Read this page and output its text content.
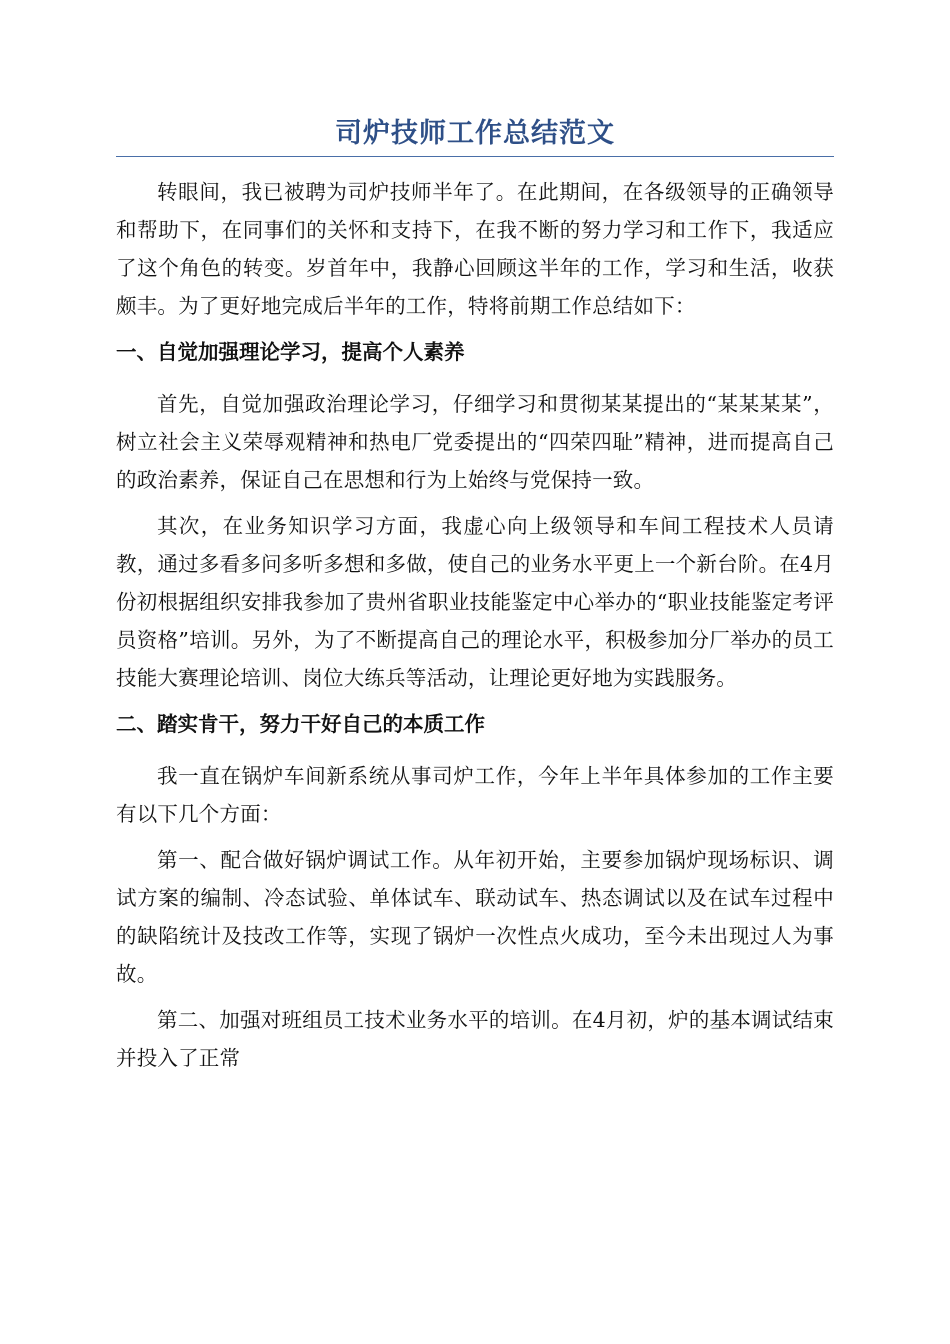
司炉技师工作总结范文

转眼间，我已被聘为司炉技师半年了。在此期间，在各级领导的正确领导和帮助下，在同事们的关怀和支持下，在我不断的努力学习和工作下，我适应了这个角色的转变。岁首年中，我静心回顾这半年的工作，学习和生活，收获颇丰。为了更好地完成后半年的工作，特将前期工作总结如下：

一、自觉加强理论学习，提高个人素养

首先，自觉加强政治理论学习，仔细学习和贯彻某某提出的“某某某某”，树立社会主义荣辱观精神和热电厂党委提出的“四荣四耻”精神，进而提高自己的政治素养，保证自己在思想和行为上始终与党保持一致。

其次，在业务知识学习方面，我虚心向上级领导和车间工程技术人员请教，通过多看多问多听多想和多做，使自己的业务水平更上一个新台阶。在4月份初根据组织安排我参加了贵州省职业技能鉴定中心举办的“职业技能鉴定考评员资格”培训。另外，为了不断提高自己的理论水平，积极参加分厂举办的员工技能大赛理论培训、岗位大练兵等活动，让理论更好地为实践服务。

二、踏实肯干，努力干好自己的本质工作

我一直在锅炉车间新系统从事司炉工作，今年上半年具体参加的工作主要有以下几个方面：

第一、配合做好锅炉调试工作。从年初开始，主要参加锅炉现场标识、调试方案的编制、冷态试验、单体试车、联动试车、热态调试以及在试车过程中的缺陷统计及技改工作等，实现了锅炉一次性点火成功，至今未出现过人为事故。

第二、加强对班组员工技术业务水平的培训。在4月初，炉的基本调试结束并投入了正常
